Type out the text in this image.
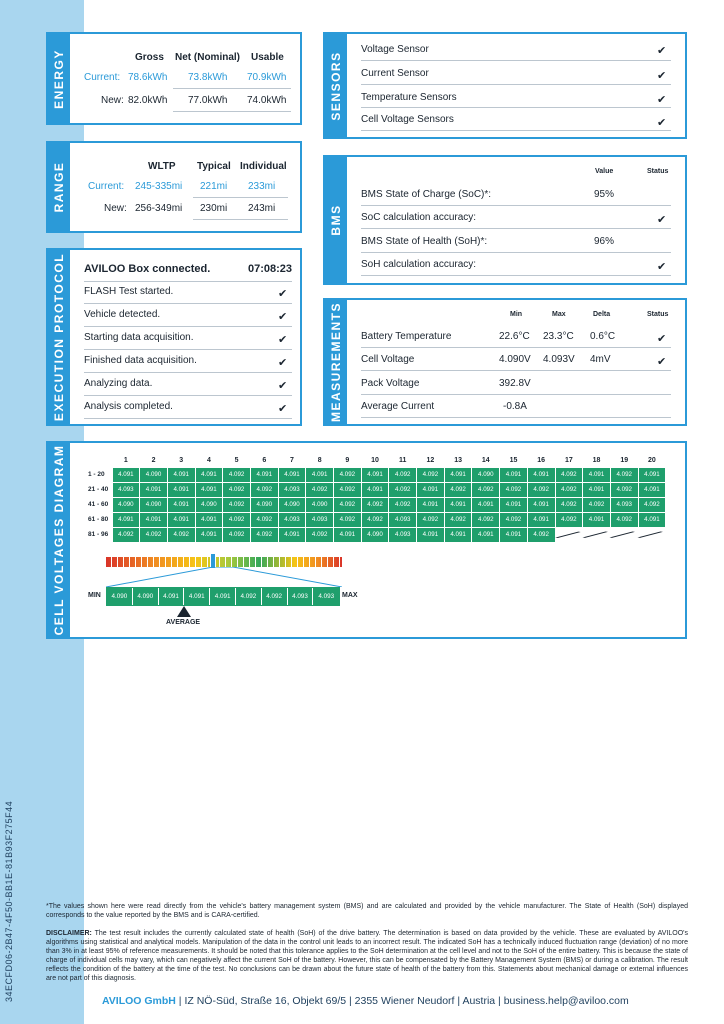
34ECFD06-2B47-4F50-BB1E-81B93F275F44
ENERGY	Gross Net (Nominal) Usable
Current: 78.6kWh 73.8kWh 70.9kWh
New: 82.0kWh 77.0kWh 74.0kWh	SENSORS
Voltage Sensor	✔
Current Sensor	✔
Temperature Sensors	✔
Cell Voltage Sensors	✔
RANGE	WLTP Typical Individual
Current: 245-335mi 221mi 233mi
New: 256-349mi 230mi 243mi	BMS
Value	Status
BMS State of Charge (SoC)*:	95%
SoC calculation accuracy:	✔
BMS State of Health (SoH)*:	96%
SoH calculation accuracy:	✔
EXECUTION PROTOCOL AVILOO Box connected.	07:08:23
FLASH Test started.	✔
Vehicle detected.	✔
Starting data acquisition.	✔
Finished data acquisition.	✔
Analyzing data.	✔
Analysis completed.	✔	MEASUREMENTS	Min	Max	Delta	Status
Battery Temperature	22.6°C 23.3°C 0.6°C	✔
Cell Voltage	4.090V 4.093V 4mV	✔
Pack Voltage	392.8V
Average Current	-0.8A
CELL VOLTAGES DIAGRAM
		1	2	3	4	5	6	7	8	9	10	11	12	13	14	15	16	17	18	19	20
1 - 20	4.091	4.090	4.091	4.091	4.092	4.091	4.091	4.091	4.092	4.091	4.092	4.092	4.091	4.090	4.091	4.091	4.092	4.091	4.092	4.091
21 - 40	4.093	4.091	4.091	4.091	4.092	4.092	4.093	4.092	4.092	4.091	4.092	4.091	4.092	4.092	4.092	4.092	4.092	4.091	4.092	4.091
41 - 60	4.090	4.090	4.091	4.090	4.092	4.090	4.090	4.090	4.092	4.092	4.092	4.091	4.091	4.091	4.091	4.091	4.092	4.092	4.093	4.092
61 - 80	4.091	4.091	4.091	4.091	4.092	4.092	4.093	4.093	4.092	4.092	4.093	4.092	4.092	4.092	4.092	4.091	4.092	4.091	4.092	4.091
81 - 96	4.092	4.092	4.092	4.091	4.092	4.092	4.091	4.092	4.091	4.090	4.093	4.091	4.091	4.091	4.091	4.092	⁄	⁄	⁄	⁄
MIN	4.090	4.090	4.091	4.091	4.091	4.092	4.092	4.093	4.093	MAX
AVERAGE
*The values shown here were read directly from the vehicle's battery management system (BMS) and are calculated and provided by the vehicle manufacturer. The State of Health (SoH) displayed corresponds to the value reported by the BMS and is CARA-certified.
DISCLAIMER: The test result includes the currently calculated state of health (SoH) of the drive battery. The determination is based on data provided by the vehicle. These are evaluated by AVILOO's algorithms using statistical and analytical models. Manipulation of the data in the control unit leads to an incorrect result. The indicated SoH has a technically induced fluctuation range (deviation) of no more than 3% in at least 95% of reference measurements. It should be noted that this tolerance applies to the SoH determination at the cell level and not to the SoH of the entire battery. This is because the state of charge of individual cells may vary, which can negatively affect the current SoH of the battery. However, this can be compensated by the Battery Management System (BMS) or during a calibration. The result reflects the condition of the battery at the time of the test. No conclusions can be drawn about the future state of health of the battery from this. Statements about mechanical damage or external influences are not part of this diagnosis.
AVILOO GmbH | IZ NÖ-Süd, Straße 16, Objekt 69/5 | 2355 Wiener Neudorf | Austria | business.help@aviloo.com
